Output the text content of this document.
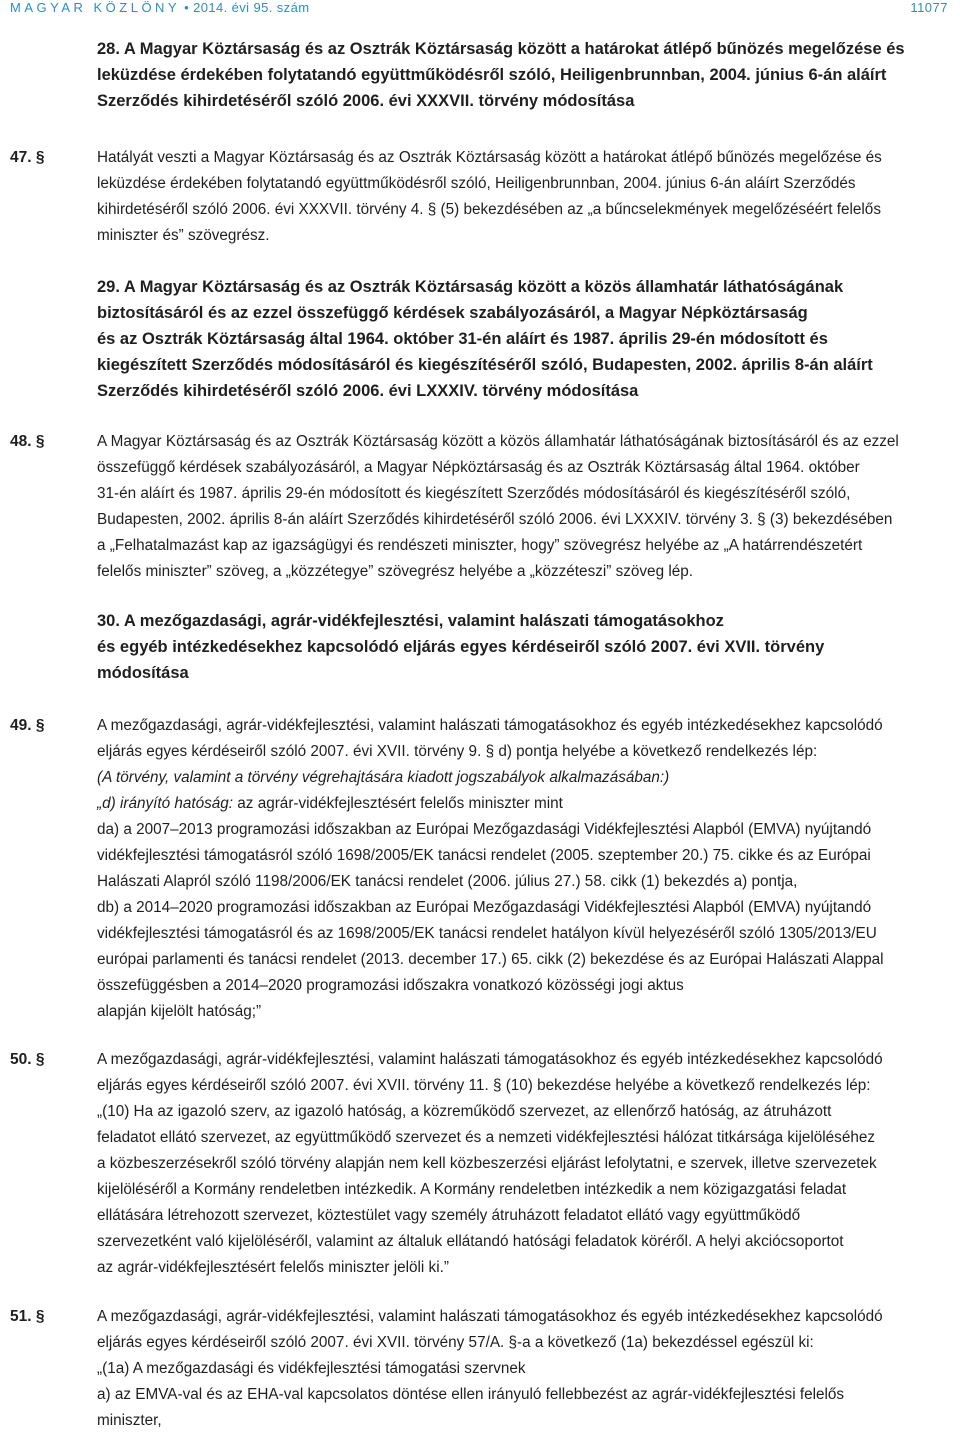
MAGYAR KÖZLÖNY • 2014. évi 95. szám	11077
28. A Magyar Köztársaság és az Osztrák Köztársaság között a határokat átlépő bűnözés megelőzése és
leküzdése érdekében folytatandó együttműködésről szóló, Heiligenbrunnban, 2004. június 6-án aláírt
Szerződés kihirdetéséről szóló 2006. évi XXXVII. törvény módosítása
47. §	Hatályát veszti a Magyar Köztársaság és az Osztrák Köztársaság között a határokat átlépő bűnözés megelőzése és
leküzdése érdekében folytatandó együttműködésről szóló, Heiligenbrunnban, 2004. június 6-án aláírt Szerződés
kihirdetéséről szóló 2006. évi XXXVII. törvény 4. § (5) bekezdésében az „a bűncselekmények megelőzéséért felelős
miniszter és” szövegrész.
29. A Magyar Köztársaság és az Osztrák Köztársaság között a közös államhatár láthatóságának
biztosításáról és az ezzel összefüggő kérdések szabályozásáról, a Magyar Népköztársaság
és az Osztrák Köztársaság által 1964. október 31-én aláírt és 1987. április 29-én módosított és
kiegészített Szerződés módosításáról és kiegészítéséről szóló, Budapesten, 2002. április 8-án aláírt
Szerződés kihirdetéséről szóló 2006. évi LXXXIV. törvény módosítása
48. §	A Magyar Köztársaság és az Osztrák Köztársaság között a közös államhatár láthatóságának biztosításáról és az ezzel
összefüggő kérdések szabályozásáról, a Magyar Népköztársaság és az Osztrák Köztársaság által 1964. október
31-én aláírt és 1987. április 29-én módosított és kiegészített Szerződés módosításáról és kiegészítéséről szóló,
Budapesten, 2002. április 8-án aláírt Szerződés kihirdetéséről szóló 2006. évi LXXXIV. törvény 3. § (3) bekezdésében
a „Felhatalmazást kap az igazságügyi és rendészeti miniszter, hogy” szövegrész helyébe az „A határrendészetért
felelős miniszter” szöveg, a „közzétegye” szövegrész helyébe a „közzéteszi” szöveg lép.
30. A mezőgazdasági, agrár-vidékfejlesztési, valamint halászati támogatásokhoz
és egyéb intézkedésekhez kapcsolódó eljárás egyes kérdéseiről szóló 2007. évi XVII. törvény
módosítása
49. §	A mezőgazdasági, agrár-vidékfejlesztési, valamint halászati támogatásokhoz és egyéb intézkedésekhez kapcsolódó
eljárás egyes kérdéseiről szóló 2007. évi XVII. törvény 9. § d) pontja helyébe a következő rendelkezés lép:
(A törvény, valamint a törvény végrehajtására kiadott jogszabályok alkalmazásában:)
„d) irányító hatóság: az agrár-vidékfejlesztésért felelős miniszter mint
da) a 2007–2013 programozási időszakban az Európai Mezőgazdasági Vidékfejlesztési Alapból (EMVA) nyújtandó
vidékfejlesztési támogatásról szóló 1698/2005/EK tanácsi rendelet (2005. szeptember 20.) 75. cikke és az Európai
Halászati Alapról szóló 1198/2006/EK tanácsi rendelet (2006. július 27.) 58. cikk (1) bekezdés a) pontja,
db) a 2014–2020 programozási időszakban az Európai Mezőgazdasági Vidékfejlesztési Alapból (EMVA) nyújtandó
vidékfejlesztési támogatásról és az 1698/2005/EK tanácsi rendelet hatályon kívül helyezéséről szóló 1305/2013/EU
európai parlamenti és tanácsi rendelet (2013. december 17.) 65. cikk (2) bekezdése és az Európai Halászati Alappal
összefüggésben a 2014–2020 programozási időszakra vonatkozó közösségi jogi aktus
alapján kijelölt hatóság;”
50. §	A mezőgazdasági, agrár-vidékfejlesztési, valamint halászati támogatásokhoz és egyéb intézkedésekhez kapcsolódó
eljárás egyes kérdéseiről szóló 2007. évi XVII. törvény 11. § (10) bekezdése helyébe a következő rendelkezés lép:
„(10) Ha az igazoló szerv, az igazoló hatóság, a közreműködő szervezet, az ellenőrző hatóság, az átruházott
feladatot ellátó szervezet, az együttműködő szervezet és a nemzeti vidékfejlesztési hálózat titkársága kijelöléséhez
a közbeszerzésekről szóló törvény alapján nem kell közbeszerzési eljárást lefolytatni, e szervek, illetve szervezetek
kijelöléséről a Kormány rendeletben intézkedik. A Kormány rendeletben intézkedik a nem közigazgatási feladat
ellátására létrehozott szervezet, köztestület vagy személy átruházott feladatot ellátó vagy együttműködő
szervezetként való kijelöléséről, valamint az általuk ellátandó hatósági feladatok köréről. A helyi akciócsoportot
az agrár-vidékfejlesztésért felelős miniszter jelöli ki.”
51. §	A mezőgazdasági, agrár-vidékfejlesztési, valamint halászati támogatásokhoz és egyéb intézkedésekhez kapcsolódó
eljárás egyes kérdéseiről szóló 2007. évi XVII. törvény 57/A. §-a a következő (1a) bekezdéssel egészül ki:
„(1a) A mezőgazdasági és vidékfejlesztési támogatási szervnek
a) az EMVA-val és az EHA-val kapcsolatos döntése ellen irányuló fellebbezést az agrár-vidékfejlesztési felelős
miniszter,
